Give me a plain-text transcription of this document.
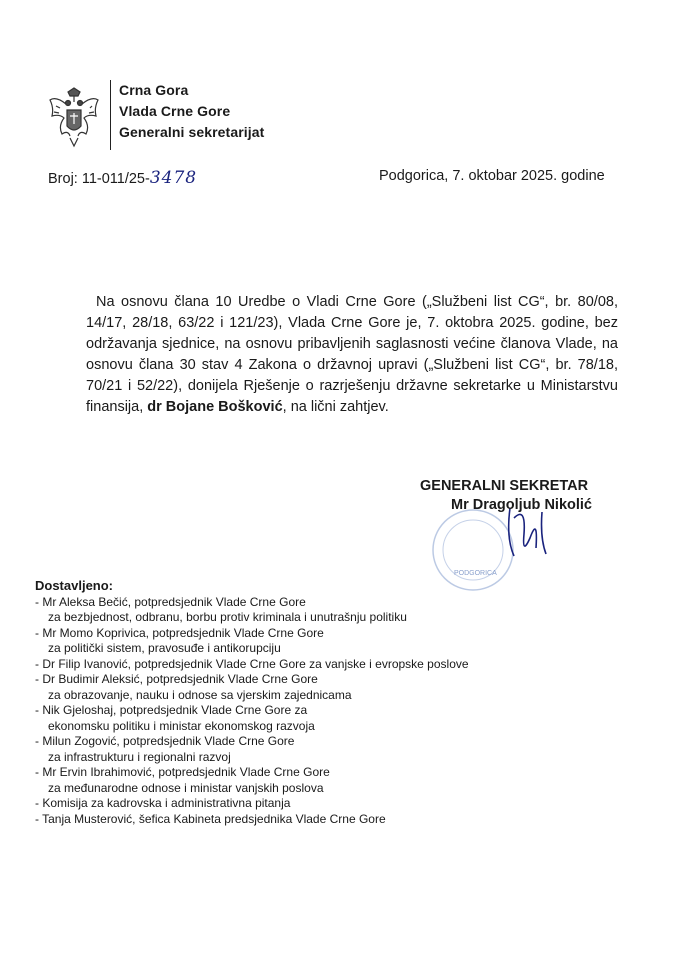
Crna Gora
Vlada Crne Gore
Generalni sekretarijat
Broj: 11-011/25-3478	Podgorica, 7. oktobar 2025. godine

Na osnovu člana 10 Uredbe o Vladi Crne Gore („Službeni list CG“, br. 80/08, 14/17, 28/18, 63/22 i 121/23), Vlada Crne Gore je, 7. oktobra 2025. godine, bez održavanja sjednice, na osnovu pribavljenih saglasnosti većine članova Vlade, na osnovu člana 30 stav 4 Zakona o državnoj upravi („Službeni list CG“, br. 78/18, 70/21 i 52/22), donijela Rješenje o razrješenju državne sekretarke u Ministarstvu finansija, dr Bojane Bošković, na lični zahtjev.

PODGORICA
GENERALNI SEKRETAR
Mr Dragoljub Nikolić
Dostavljeno:
- Mr Aleksa Bečić, potpredsjednik Vlade Crne Gore
za bezbjednost, odbranu, borbu protiv kriminala i unutrašnju politiku
- Mr Momo Koprivica, potpredsjednik Vlade Crne Gore
za politički sistem, pravosuđe i antikorupciju
- Dr Filip Ivanović, potpredsjednik Vlade Crne Gore za vanjske i evropske poslove
- Dr Budimir Aleksić, potpredsjednik Vlade Crne Gore
za obrazovanje, nauku i odnose sa vjerskim zajednicama
- Nik Gjeloshaj, potpredsjednik Vlade Crne Gore za
ekonomsku politiku i ministar ekonomskog razvoja
- Milun Zogović, potpredsjednik Vlade Crne Gore
za infrastrukturu i regionalni razvoj
- Mr Ervin Ibrahimović, potpredsjednik Vlade Crne Gore
za međunarodne odnose i ministar vanjskih poslova
- Komisija za kadrovska i administrativna pitanja
- Tanja Musterović, šefica Kabineta predsjednika Vlade Crne Gore
